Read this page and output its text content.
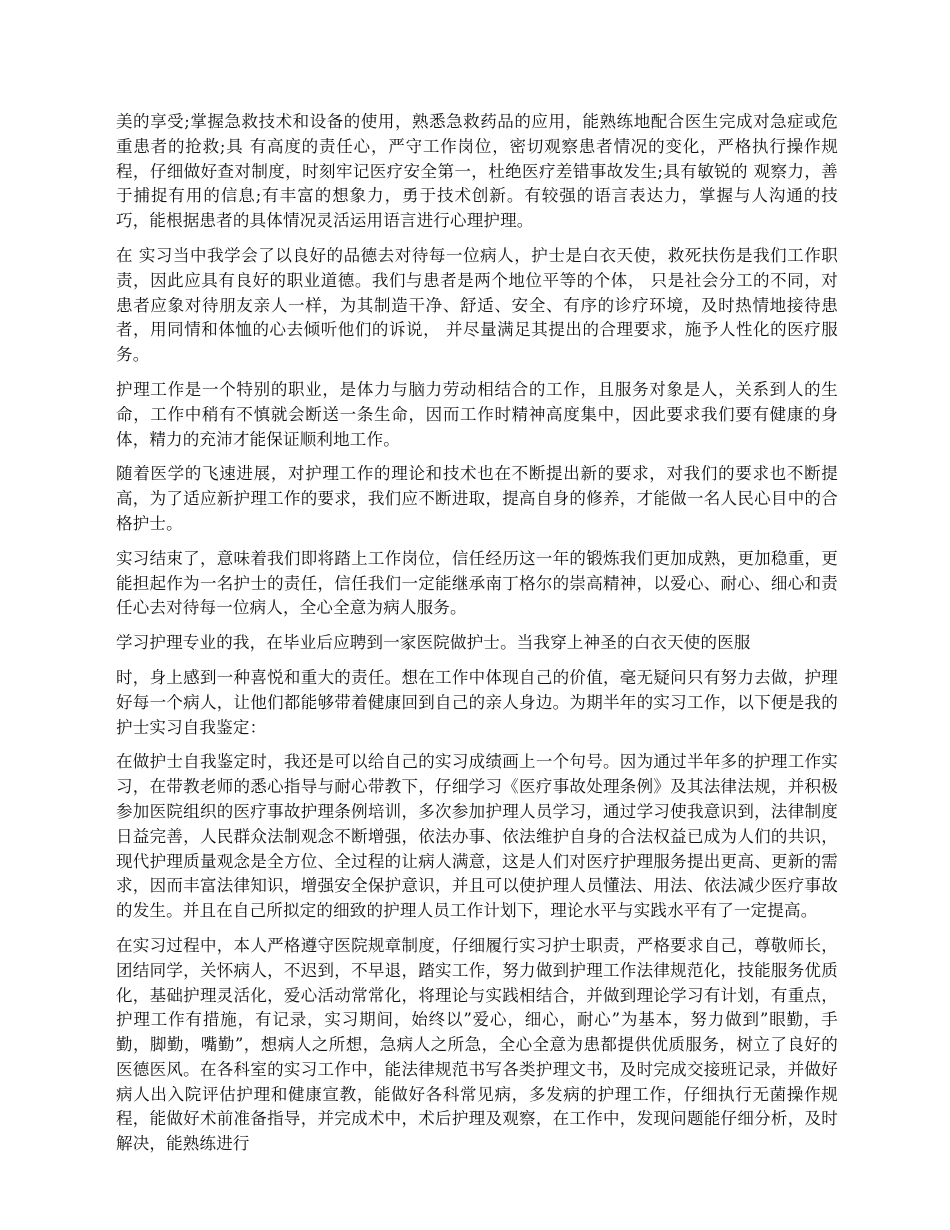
美的享受;掌握急救技术和设备的使用，熟悉急救药品的应用，能熟练地配合医生完成对急症或危重患者的抢救;具 有高度的责任心，严守工作岗位，密切观察患者情况的变化，严格执行操作规程，仔细做好查对制度，时刻牢记医疗安全第一，杜绝医疗差错事故发生;具有敏锐的 观察力，善于捕捉有用的信息;有丰富的想象力，勇于技术创新。有较强的语言表达力，掌握与人沟通的技巧，能根据患者的具体情况灵活运用语言进行心理护理。

在 实习当中我学会了以良好的品德去对待每一位病人，护士是白衣天使，救死扶伤是我们工作职责，因此应具有良好的职业道德。我们与患者是两个地位平等的个体， 只是社会分工的不同，对患者应象对待朋友亲人一样，为其制造干净、舒适、安全、有序的诊疗环境，及时热情地接待患者，用同情和体恤的心去倾听他们的诉说， 并尽量满足其提出的合理要求，施予人性化的医疗服务。

护理工作是一个特别的职业，是体力与脑力劳动相结合的工作，且服务对象是人，关系到人的生命，工作中稍有不慎就会断送一条生命，因而工作时精神高度集中，因此要求我们要有健康的身体，精力的充沛才能保证顺利地工作。

随着医学的飞速进展，对护理工作的理论和技术也在不断提出新的要求，对我们的要求也不断提高，为了适应新护理工作的要求，我们应不断进取，提高自身的修养，才能做一名人民心目中的合格护士。

实习结束了，意味着我们即将踏上工作岗位，信任经历这一年的锻炼我们更加成熟，更加稳重，更能担起作为一名护士的责任，信任我们一定能继承南丁格尔的崇高精神，以爱心、耐心、细心和责任心去对待每一位病人，全心全意为病人服务。

学习护理专业的我，在毕业后应聘到一家医院做护士。当我穿上神圣的白衣天使的医服

时，身上感到一种喜悦和重大的责任。想在工作中体现自己的价值，毫无疑问只有努力去做，护理好每一个病人，让他们都能够带着健康回到自己的亲人身边。为期半年的实习工作，以下便是我的护士实习自我鉴定：

在做护士自我鉴定时，我还是可以给自己的实习成绩画上一个句号。因为通过半年多的护理工作实习，在带教老师的悉心指导与耐心带教下，仔细学习《医疗事故处理条例》及其法律法规，并积极参加医院组织的医疗事故护理条例培训，多次参加护理人员学习，通过学习使我意识到，法律制度日益完善，人民群众法制观念不断增强，依法办事、依法维护自身的合法权益已成为人们的共识，现代护理质量观念是全方位、全过程的让病人满意，这是人们对医疗护理服务提出更高、更新的需求，因而丰富法律知识，增强安全保护意识，并且可以使护理人员懂法、用法、依法减少医疗事故的发生。并且在自己所拟定的细致的护理人员工作计划下，理论水平与实践水平有了一定提高。

在实习过程中，本人严格遵守医院规章制度，仔细履行实习护士职责，严格要求自己，尊敬师长，团结同学，关怀病人，不迟到，不早退，踏实工作，努力做到护理工作法律规范化，技能服务优质化，基础护理灵活化，爱心活动常常化，将理论与实践相结合，并做到理论学习有计划，有重点，护理工作有措施，有记录，实习期间，始终以”爱心，细心，耐心”为基本，努力做到”眼勤，手勤，脚勤，嘴勤”，想病人之所想，急病人之所急，全心全意为患都提供优质服务，树立了良好的医德医风。在各科室的实习工作中，能法律规范书写各类护理文书，及时完成交接班记录，并做好病人出入院评估护理和健康宣教，能做好各科常见病，多发病的护理工作，仔细执行无菌操作规程，能做好术前准备指导，并完成术中，术后护理及观察，在工作中，发现问题能仔细分析，及时解决，能熟练进行
